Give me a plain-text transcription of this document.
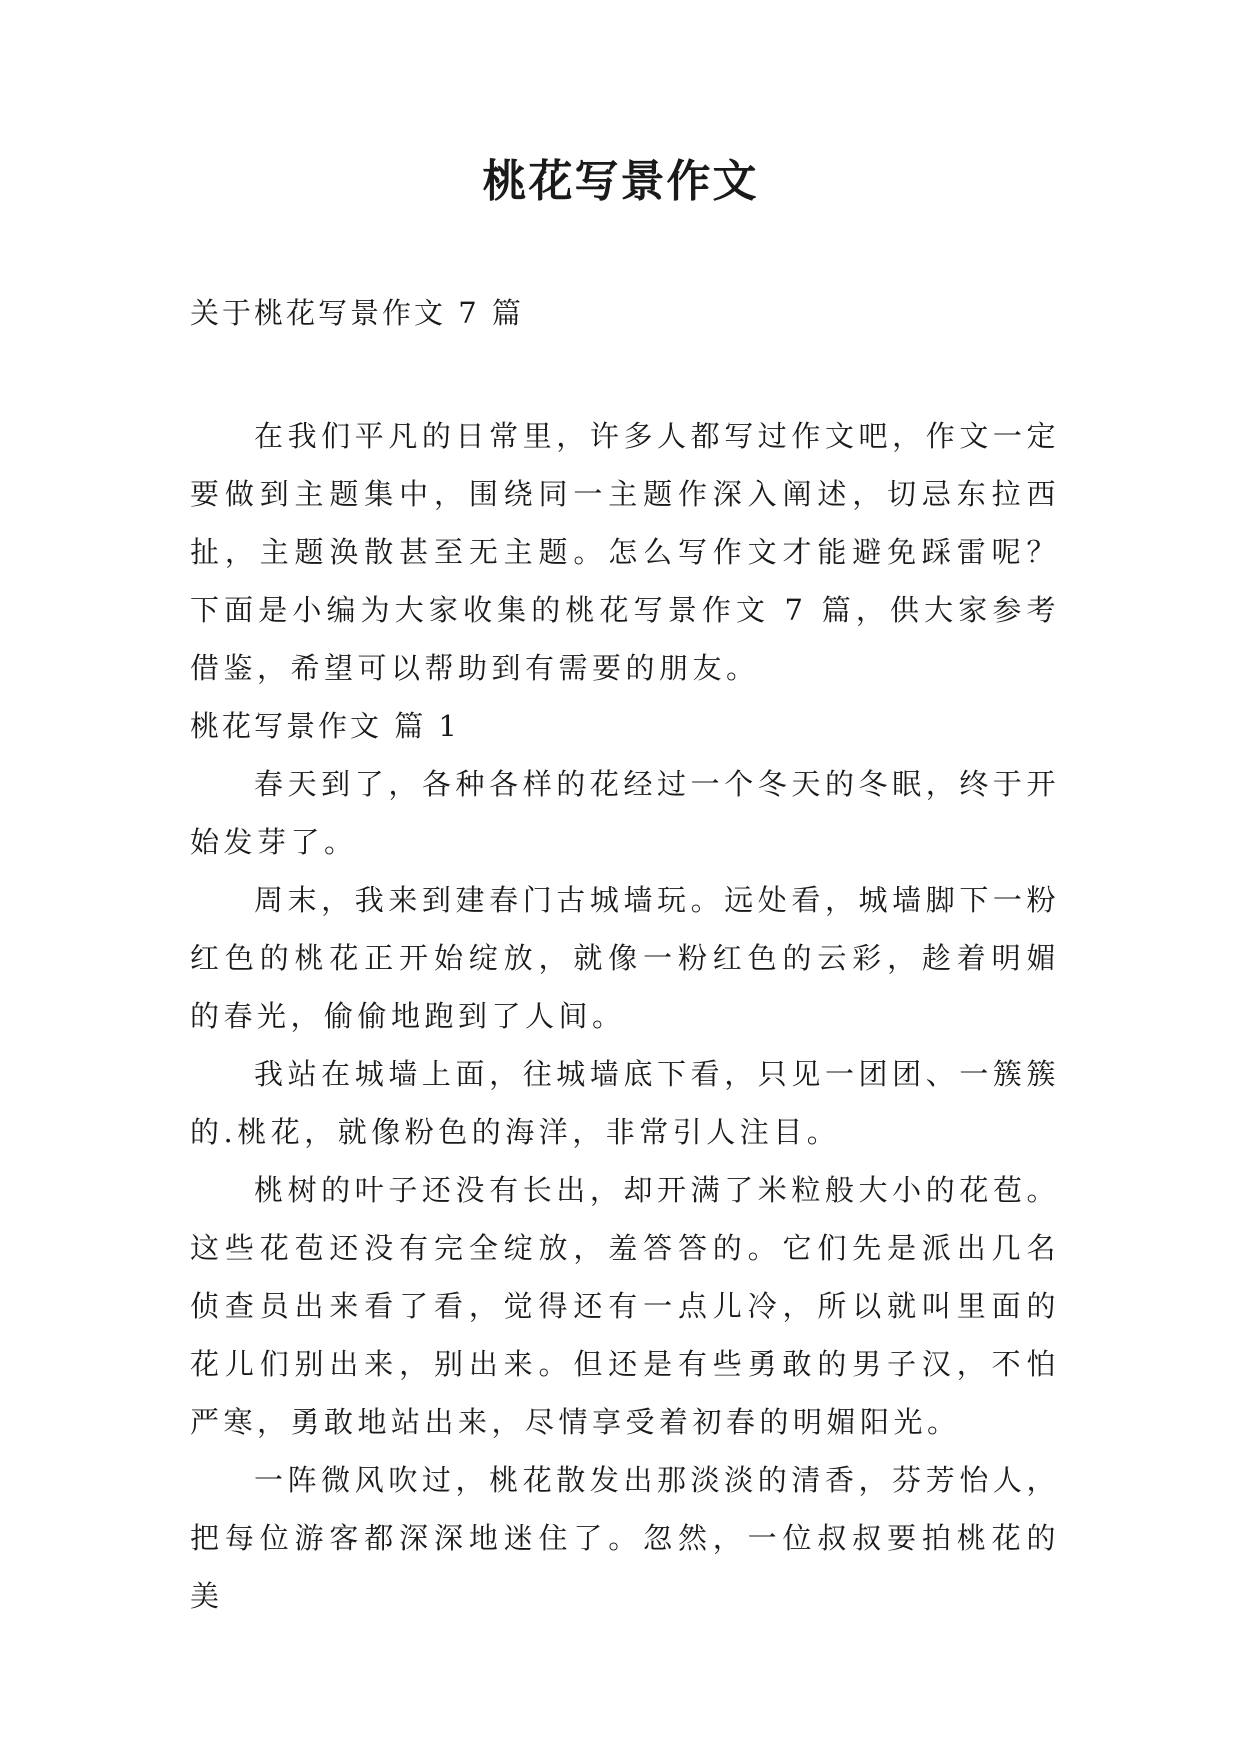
桃花写景作文
关于桃花写景作文 7 篇

在我们平凡的日常里，许多人都写过作文吧，作文一定要做到主题集中，围绕同一主题作深入阐述，切忌东拉西扯，主题涣散甚至无主题。怎么写作文才能避免踩雷呢？下面是小编为大家收集的桃花写景作文 7 篇，供大家参考借鉴，希望可以帮助到有需要的朋友。

桃花写景作文 篇 1

春天到了，各种各样的花经过一个冬天的冬眠，终于开始发芽了。

周末，我来到建春门古城墙玩。远处看，城墙脚下一粉红色的桃花正开始绽放，就像一粉红色的云彩，趁着明媚的春光，偷偷地跑到了人间。

我站在城墙上面，往城墙底下看，只见一团团、一簇簇的.桃花，就像粉色的海洋，非常引人注目。

桃树的叶子还没有长出，却开满了米粒般大小的花苞。这些花苞还没有完全绽放，羞答答的。它们先是派出几名侦查员出来看了看，觉得还有一点儿冷，所以就叫里面的花儿们别出来，别出来。但还是有些勇敢的男子汉，不怕严寒，勇敢地站出来，尽情享受着初春的明媚阳光。

一阵微风吹过，桃花散发出那淡淡的清香，芬芳怡人，把每位游客都深深地迷住了。忽然，一位叔叔要拍桃花的美
